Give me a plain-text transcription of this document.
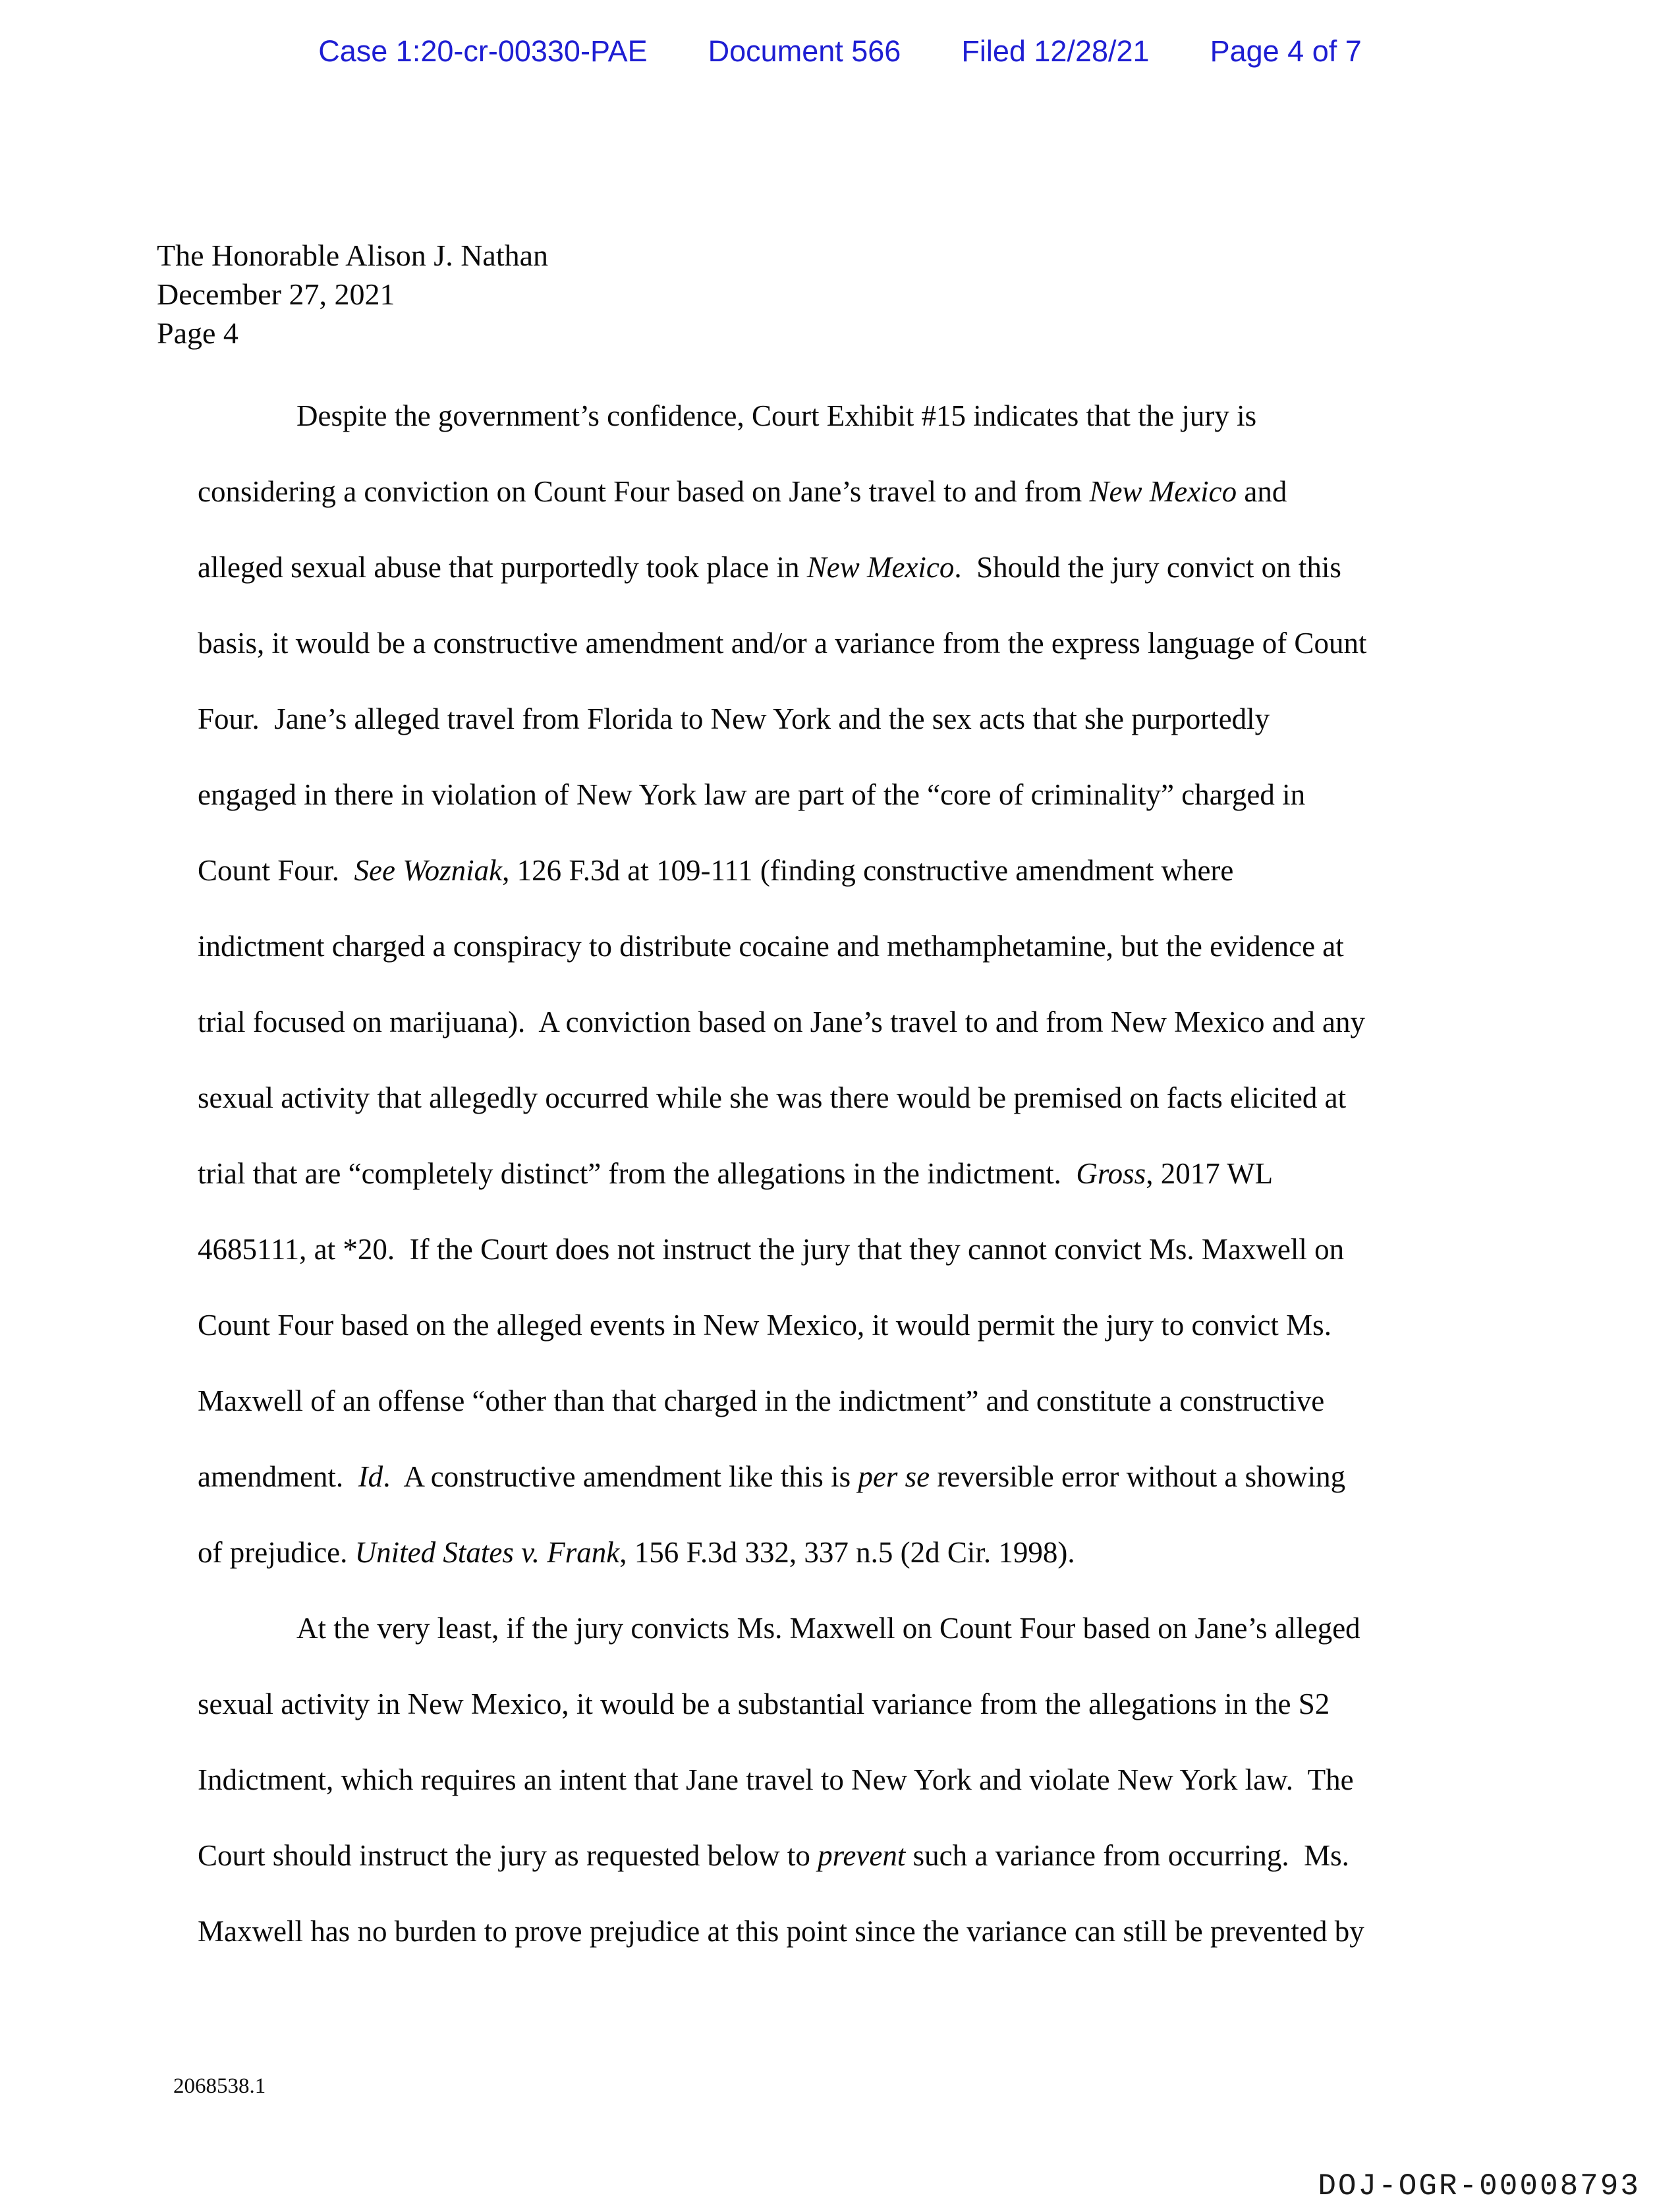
Case 1:20-cr-00330-PAE Document 566 Filed 12/28/21 Page 4 of 7
The Honorable Alison J. Nathan
December 27, 2021
Page 4
Despite the government’s confidence, Court Exhibit #15 indicates that the jury is
considering a conviction on Count Four based on Jane’s travel to and from New Mexico and
alleged sexual abuse that purportedly took place in New Mexico.  Should the jury convict on this
basis, it would be a constructive amendment and/or a variance from the express language of Count
Four.  Jane’s alleged travel from Florida to New York and the sex acts that she purportedly
engaged in there in violation of New York law are part of the “core of criminality” charged in
Count Four.  See Wozniak, 126 F.3d at 109-111 (finding constructive amendment where
indictment charged a conspiracy to distribute cocaine and methamphetamine, but the evidence at
trial focused on marijuana).  A conviction based on Jane’s travel to and from New Mexico and any
sexual activity that allegedly occurred while she was there would be premised on facts elicited at
trial that are “completely distinct” from the allegations in the indictment.  Gross, 2017 WL
4685111, at *20.  If the Court does not instruct the jury that they cannot convict Ms. Maxwell on
Count Four based on the alleged events in New Mexico, it would permit the jury to convict Ms.
Maxwell of an offense “other than that charged in the indictment” and constitute a constructive
amendment.  Id.  A constructive amendment like this is per se reversible error without a showing
of prejudice. United States v. Frank, 156 F.3d 332, 337 n.5 (2d Cir. 1998).
At the very least, if the jury convicts Ms. Maxwell on Count Four based on Jane’s alleged
sexual activity in New Mexico, it would be a substantial variance from the allegations in the S2
Indictment, which requires an intent that Jane travel to New York and violate New York law.  The
Court should instruct the jury as requested below to prevent such a variance from occurring.  Ms.
Maxwell has no burden to prove prejudice at this point since the variance can still be prevented by
2068538.1
DOJ-OGR-00008793
